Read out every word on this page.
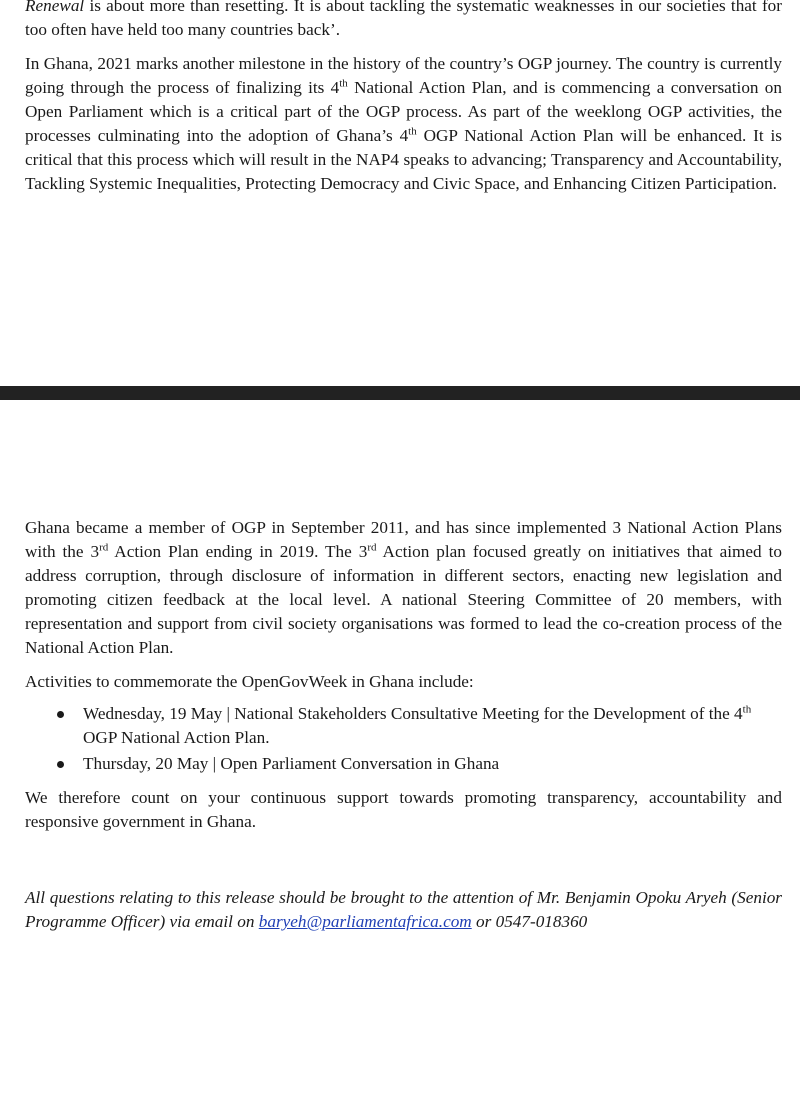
Renewal is about more than resetting. It is about tackling the systematic weaknesses in our societies that for too often have held too many countries back’.

In Ghana, 2021 marks another milestone in the history of the country’s OGP journey. The country is currently going through the process of finalizing its 4th National Action Plan, and is commencing a conversation on Open Parliament which is a critical part of the OGP process. As part of the weeklong OGP activities, the processes culminating into the adoption of Ghana’s 4th OGP National Action Plan will be enhanced. It is critical that this process which will result in the NAP4 speaks to advancing; Transparency and Accountability, Tackling Systemic Inequalities, Protecting Democracy and Civic Space, and Enhancing Citizen Participation.

Ghana became a member of OGP in September 2011, and has since implemented 3 National Action Plans with the 3rd Action Plan ending in 2019. The 3rd Action plan focused greatly on initiatives that aimed to address corruption, through disclosure of information in different sectors, enacting new legislation and promoting citizen feedback at the local level. A national Steering Committee of 20 members, with representation and support from civil society organisations was formed to lead the co-creation process of the National Action Plan.

Activities to commemorate the OpenGovWeek in Ghana include:

Wednesday, 19 May | National Stakeholders Consultative Meeting for the Development of the 4th OGP National Action Plan.
Thursday, 20 May | Open Parliament Conversation in Ghana

We therefore count on your continuous support towards promoting transparency, accountability and responsive government in Ghana.

All questions relating to this release should be brought to the attention of Mr. Benjamin Opoku Aryeh (Senior Programme Officer) via email on baryeh@parliamentafrica.com or 0547-018360
